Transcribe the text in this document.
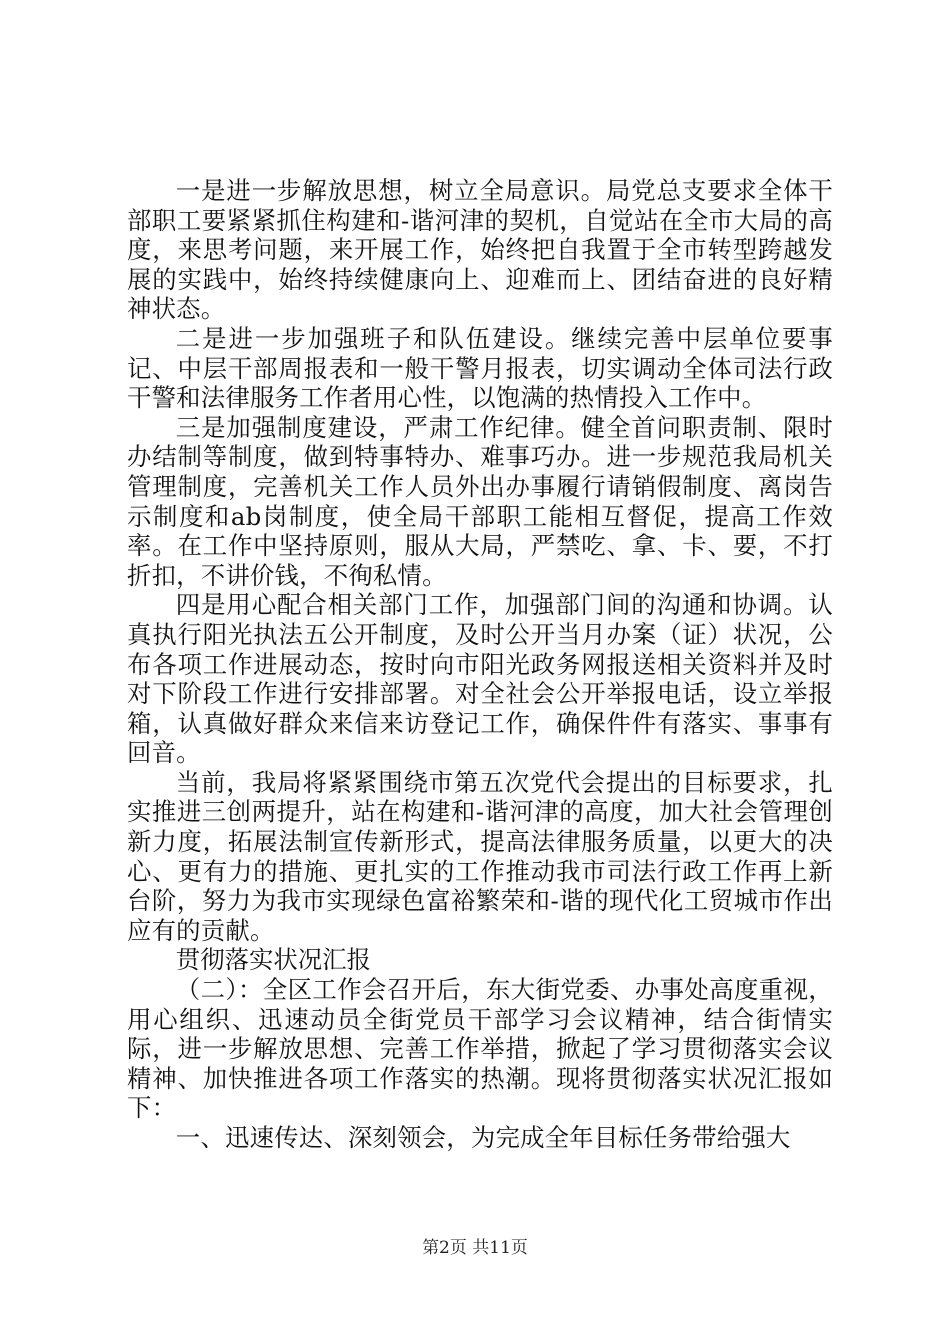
一是进一步解放思想，树立全局意识。局党总支要求全体干部职工要紧紧抓住构建和-谐河津的契机，自觉站在全市大局的高度，来思考问题，来开展工作，始终把自我置于全市转型跨越发展的实践中，始终持续健康向上、迎难而上、团结奋进的良好精神状态。

二是进一步加强班子和队伍建设。继续完善中层单位要事记、中层干部周报表和一般干警月报表，切实调动全体司法行政干警和法律服务工作者用心性，以饱满的热情投入工作中。

三是加强制度建设，严肃工作纪律。健全首问职责制、限时办结制等制度，做到特事特办、难事巧办。进一步规范我局机关管理制度，完善机关工作人员外出办事履行请销假制度、离岗告示制度和ab岗制度，使全局干部职工能相互督促，提高工作效率。在工作中坚持原则，服从大局，严禁吃、拿、卡、要，不打折扣，不讲价钱，不徇私情。

四是用心配合相关部门工作，加强部门间的沟通和协调。认真执行阳光执法五公开制度，及时公开当月办案（证）状况，公布各项工作进展动态，按时向市阳光政务网报送相关资料并及时对下阶段工作进行安排部署。对全社会公开举报电话，设立举报箱，认真做好群众来信来访登记工作，确保件件有落实、事事有回音。

当前，我局将紧紧围绕市第五次党代会提出的目标要求，扎实推进三创两提升，站在构建和-谐河津的高度，加大社会管理创新力度，拓展法制宣传新形式，提高法律服务质量，以更大的决心、更有力的措施、更扎实的工作推动我市司法行政工作再上新台阶，努力为我市实现绿色富裕繁荣和-谐的现代化工贸城市作出应有的贡献。

贯彻落实状况汇报

（二）：全区工作会召开后，东大街党委、办事处高度重视，用心组织、迅速动员全街党员干部学习会议精神，结合街情实际，进一步解放思想、完善工作举措，掀起了学习贯彻落实会议精神、加快推进各项工作落实的热潮。现将贯彻落实状况汇报如下：

一、迅速传达、深刻领会，为完成全年目标任务带给强大

第2页 共11页
